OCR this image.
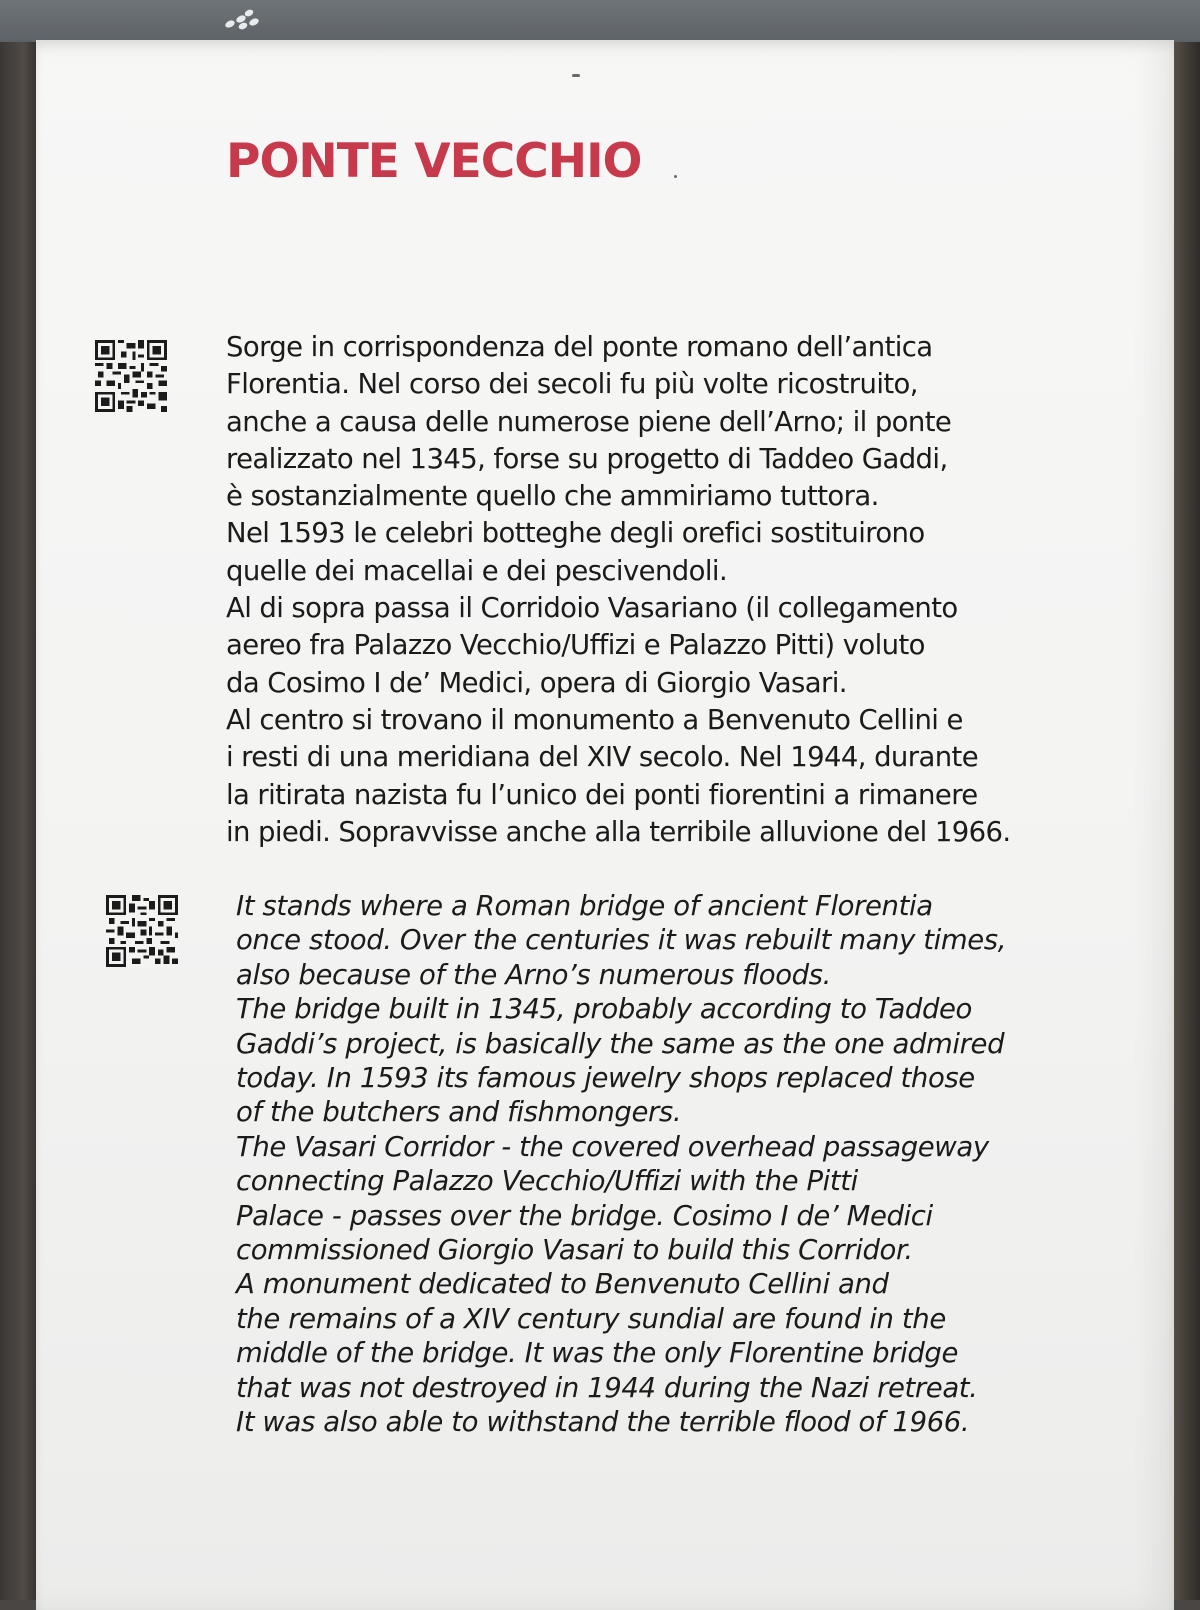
PONTE VECCHIO
Sorge in corrispondenza del ponte romano dell’antica
Florentia. Nel corso dei secoli fu più volte ricostruito,
anche a causa delle numerose piene dell’Arno; il ponte
realizzato nel 1345, forse su progetto di Taddeo Gaddi,
è sostanzialmente quello che ammiriamo tuttora.
Nel 1593 le celebri botteghe degli orefici sostituirono
quelle dei macellai e dei pescivendoli.
Al di sopra passa il Corridoio Vasariano (il collegamento
aereo fra Palazzo Vecchio/Uffizi e Palazzo Pitti) voluto
da Cosimo I de’ Medici, opera di Giorgio Vasari.
Al centro si trovano il monumento a Benvenuto Cellini e
i resti di una meridiana del XIV secolo. Nel 1944, durante
la ritirata nazista fu l’unico dei ponti fiorentini a rimanere
in piedi. Sopravvisse anche alla terribile alluvione del 1966.
It stands where a Roman bridge of ancient Florentia
once stood. Over the centuries it was rebuilt many times,
also because of the Arno’s numerous floods.
The bridge built in 1345, probably according to Taddeo
Gaddi’s project, is basically the same as the one admired
today. In 1593 its famous jewelry shops replaced those
of the butchers and fishmongers.
The Vasari Corridor - the covered overhead passageway
connecting Palazzo Vecchio/Uffizi with the Pitti
Palace - passes over the bridge. Cosimo I de’ Medici
commissioned Giorgio Vasari to build this Corridor.
A monument dedicated to Benvenuto Cellini and
the remains of a XIV century sundial are found in the
middle of the bridge. It was the only Florentine bridge
that was not destroyed in 1944 during the Nazi retreat.
It was also able to withstand the terrible flood of 1966.
